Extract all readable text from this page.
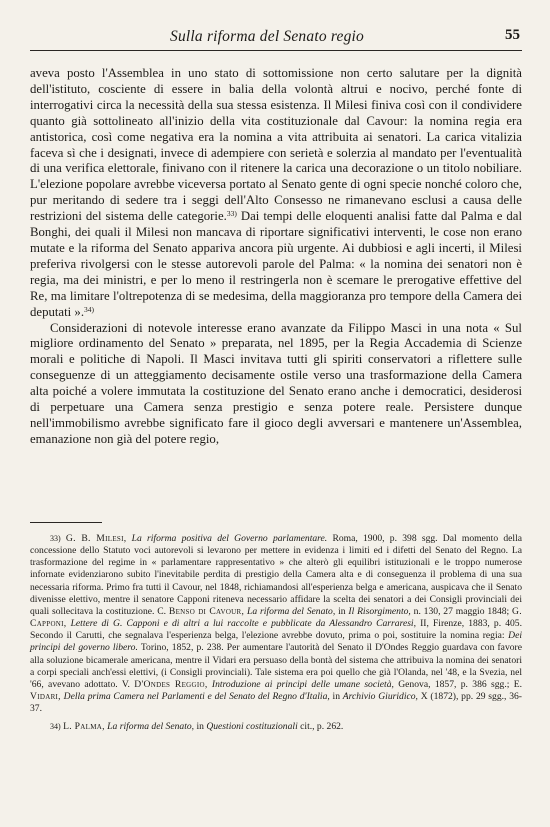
Sulla riforma del Senato regio	55

aveva posto l'Assemblea in uno stato di sottomissione non certo salutare per la dignità dell'istituto, cosciente di essere in balia della volontà altrui e nocivo, perché fonte di interrogativi circa la necessità della sua stessa esistenza. Il Milesi finiva così con il condividere quanto già sottolineato all'inizio della vita costituzionale dal Cavour: la nomina regia era antistorica, così come negativa era la nomina a vita attribuita ai senatori. La carica vitalizia faceva sì che i designati, invece di adempiere con serietà e solerzia al mandato per l'eventualità di una verifica elettorale, finivano con il ritenere la carica una decorazione o un titolo nobiliare. L'elezione popolare avrebbe viceversa portato al Senato gente di ogni specie nonché coloro che, pur meritando di sedere tra i seggi dell'Alto Consesso ne rimanevano esclusi a causa delle restrizioni del sistema delle categorie.$^{33)}$ Dai tempi delle eloquenti analisi fatte dal Palma e dal Bonghi, dei quali il Milesi non mancava di riportare significativi interventi, le cose non erano mutate e la riforma del Senato appariva ancora più urgente. Ai dubbiosi e agli incerti, il Milesi preferiva rivolgersi con le stesse autorevoli parole del Palma: « la nomina dei senatori non è regia, ma dei ministri, e per lo meno il restringerla non è scemare le prerogative effettive del Re, ma limitare l'oltrepotenza di se medesima, della maggioranza pro tempore della Camera dei deputati ».$^{34)}$

Considerazioni di notevole interesse erano avanzate da Filippo Masci in una nota « Sul migliore ordinamento del Senato » preparata, nel 1895, per la Regia Accademia di Scienze morali e politiche di Napoli. Il Masci invitava tutti gli spiriti conservatori a riflettere sulle conseguenze di un atteggiamento decisamente ostile verso una trasformazione della Camera alta poiché a volere immutata la costituzione del Senato erano anche i democratici, desiderosi di perpetuare una Camera senza prestigio e senza potere reale. Persistere dunque nell'immobilismo avrebbe significato fare il gioco degli avversari e mantenere un'Assemblea, emanazione non già del potere regio,

33) G. B. Milesi, La riforma positiva del Governo parlamentare. Roma, 1900, p. 398 sgg. Dal momento della concessione dello Statuto voci autorevoli si levarono per mettere in evidenza i limiti ed i difetti del Senato del Regno. La trasformazione del regime in « parlamentare rappresentativo » che alterò gli equilibri istituzionali e le troppo numerose infornate evidenziarono subito l'inevitabile perdita di prestigio della Camera alta e di conseguenza il problema di una sua necessaria riforma. Primo fra tutti il Cavour, nel 1848, richiamandosi all'esperienza belga e americana, auspicava che il Senato divenisse elettivo, mentre il senatore Capponi riteneva necessario affidare la scelta dei senatori a dei Consigli provinciali dei quali sollecitava la costituzione. C. Benso di Cavour, La riforma del Senato, in Il Risorgimento, n. 130, 27 maggio 1848; G. Capponi, Lettere di G. Capponi e di altri a lui raccolte e pubblicate da Alessandro Carraresi, II, Firenze, 1883, p. 405. Secondo il Carutti, che segnalava l'esperienza belga, l'elezione avrebbe dovuto, prima o poi, sostituire la nomina regia: Dei principi del governo libero. Torino, 1852, p. 238. Per aumentare l'autorità del Senato il D'Ondes Reggio guardava con favore alla soluzione bicamerale americana, mentre il Vidari era persuaso della bontà del sistema che attribuiva la nomina dei senatori a corpi speciali anch'essi elettivi, (i Consigli provinciali). Tale sistema era poi quello che già l'Olanda, nel '48, e la Svezia, nel '66, avevano adottato. V. D'Ondes Reggio, Introduzione ai principi delle umane società, Genova, 1857, p. 386 sgg.; E. Vidari, Della prima Camera nel Parlamenti e del Senato del Regno d'Italia, in Archivio Giuridico, X (1872), pp. 29 sgg., 36-37.

34) L. Palma, La riforma del Senato, in Questioni costituzionali cit., p. 262.
